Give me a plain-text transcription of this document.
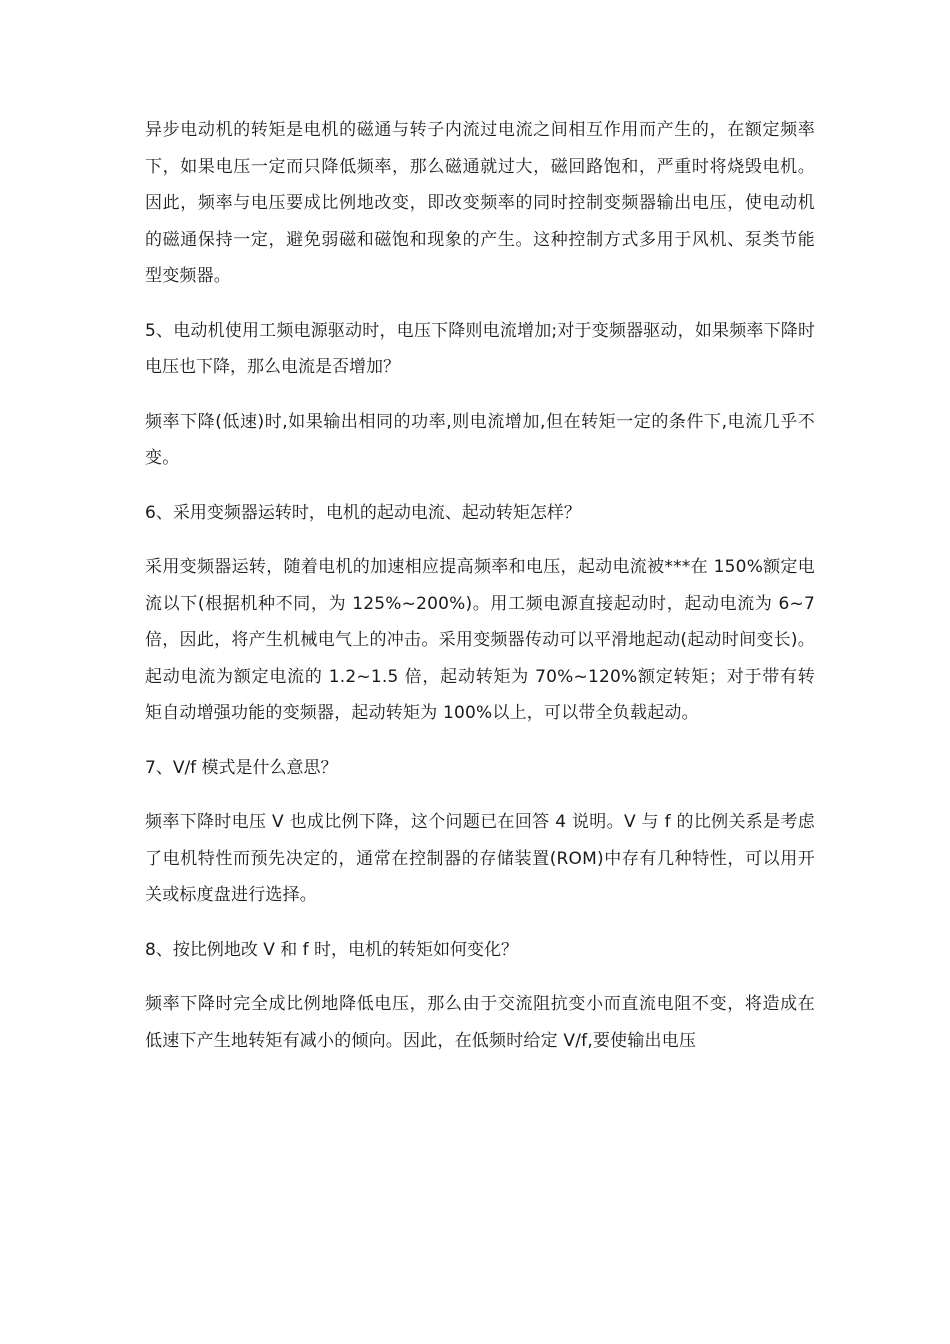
异步电动机的转矩是电机的磁通与转子内流过电流之间相互作用而产生的，在额定频率下，如果电压一定而只降低频率，那么磁通就过大，磁回路饱和，严重时将烧毁电机。因此，频率与电压要成比例地改变，即改变频率的同时控制变频器输出电压，使电动机的磁通保持一定，避免弱磁和磁饱和现象的产生。这种控制方式多用于风机、泵类节能型变频器。

5、电动机使用工频电源驱动时，电压下降则电流增加;对于变频器驱动，如果频率下降时电压也下降，那么电流是否增加？

频率下降(低速)时,如果输出相同的功率,则电流增加,但在转矩一定的条件下,电流几乎不变。

6、采用变频器运转时，电机的起动电流、起动转矩怎样？

采用变频器运转，随着电机的加速相应提高频率和电压，起动电流被***在 150%额定电流以下(根据机种不同，为 125%~200%)。用工频电源直接起动时，起动电流为 6~7 倍，因此，将产生机械电气上的冲击。采用变频器传动可以平滑地起动(起动时间变长)。起动电流为额定电流的 1.2~1.5 倍，起动转矩为 70%~120%额定转矩；对于带有转矩自动增强功能的变频器，起动转矩为 100%以上，可以带全负载起动。

7、V/f 模式是什么意思？

频率下降时电压 V 也成比例下降，这个问题已在回答 4 说明。V 与 f 的比例关系是考虑了电机特性而预先决定的，通常在控制器的存储装置(ROM)中存有几种特性，可以用开关或标度盘进行选择。

8、按比例地改 V 和 f 时，电机的转矩如何变化？

频率下降时完全成比例地降低电压，那么由于交流阻抗变小而直流电阻不变，将造成在低速下产生地转矩有减小的倾向。因此，在低频时给定 V/f,要使输出电压
